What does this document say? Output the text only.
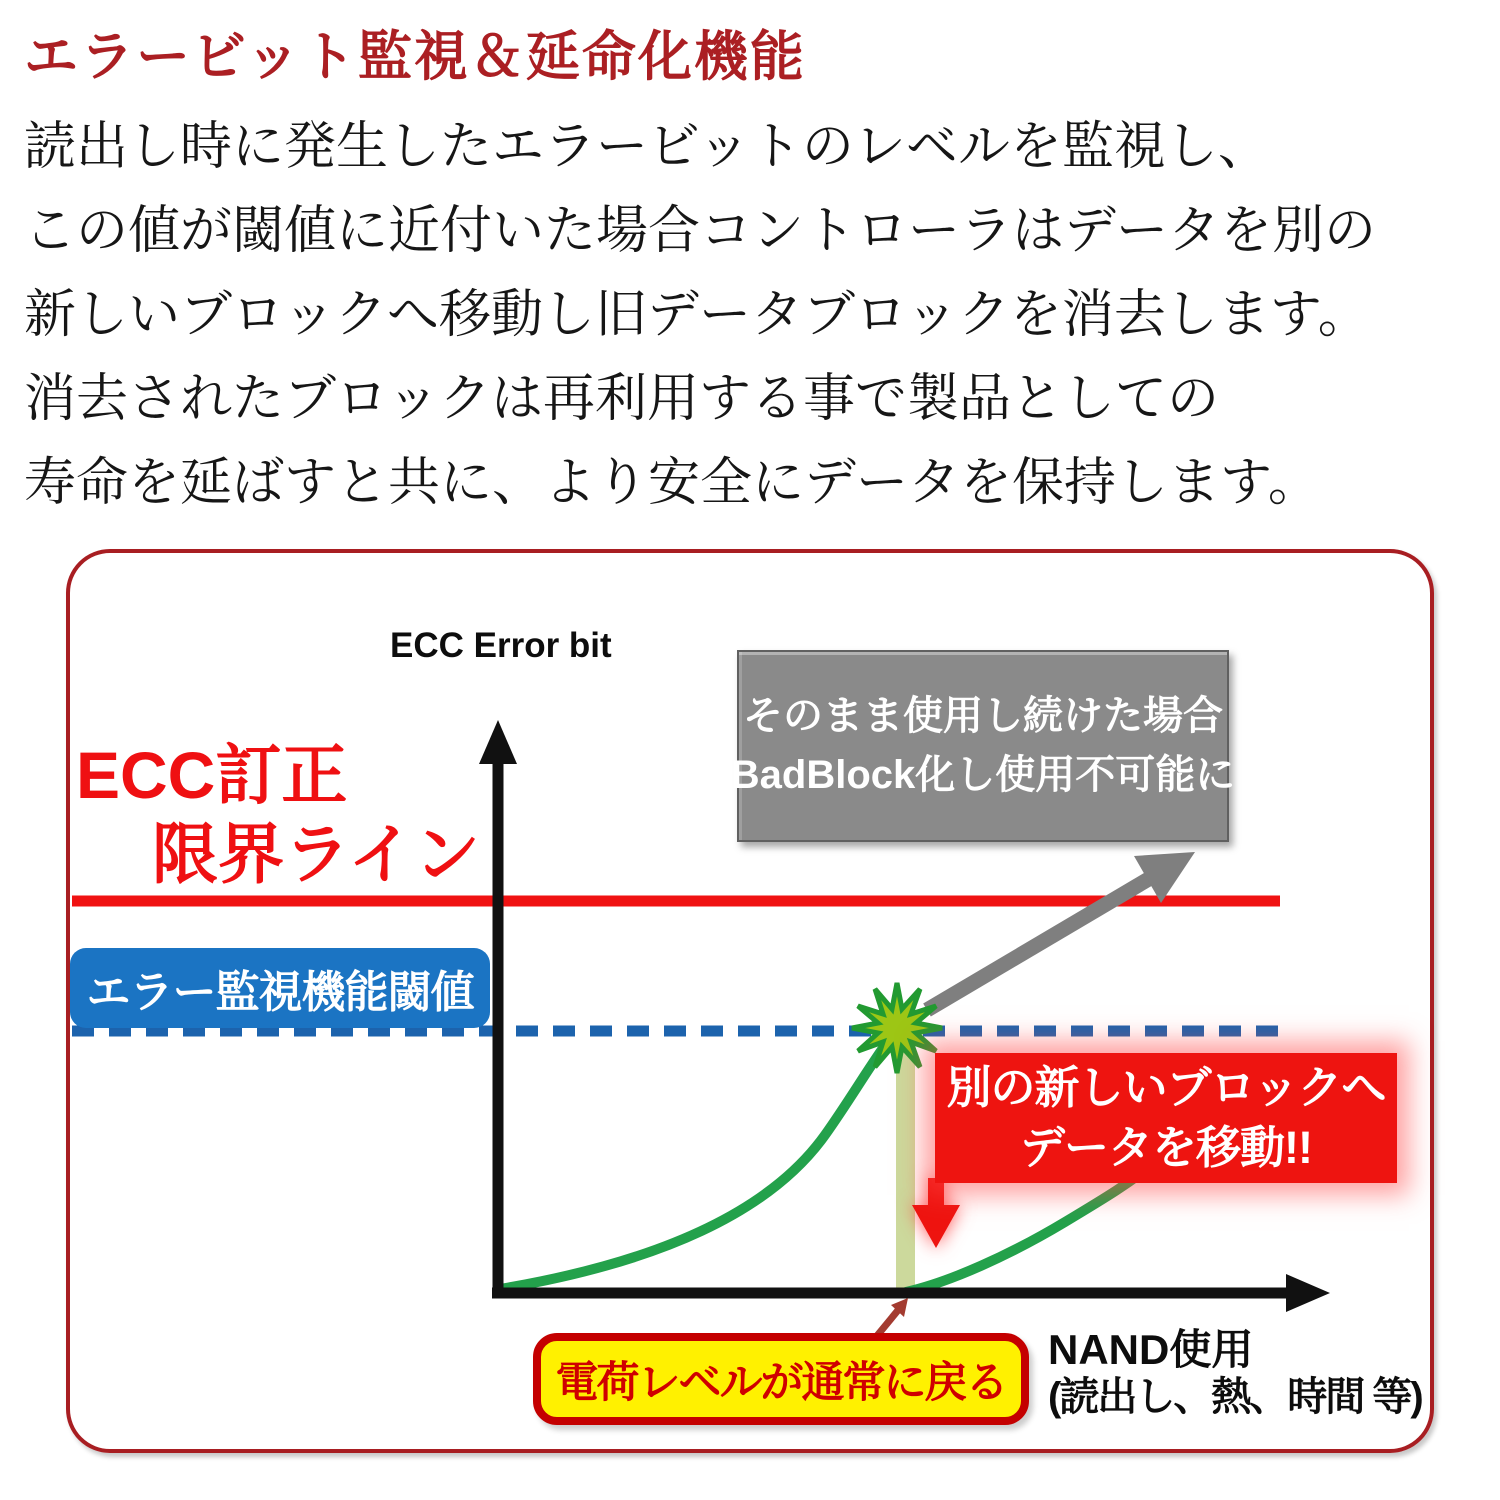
エラービット監視＆延命化機能
読出し時に発生したエラービットのレベルを監視し、
この値が閾値に近付いた場合コントローラはデータを別の
新しいブロックへ移動し旧データブロックを消去します。
消去されたブロックは再利用する事で製品としての
寿命を延ばすと共に、より安全にデータを保持します。
ECC Error bit
ECC訂正
限界ライン
そのまま使用し続けた場合
BadBlock化し使用不可能に
エラー監視機能閾値
別の新しいブロックへ
データを移動!!
電荷レベルが通常に戻る
NAND使用
(読出し、熱、時間 等)
